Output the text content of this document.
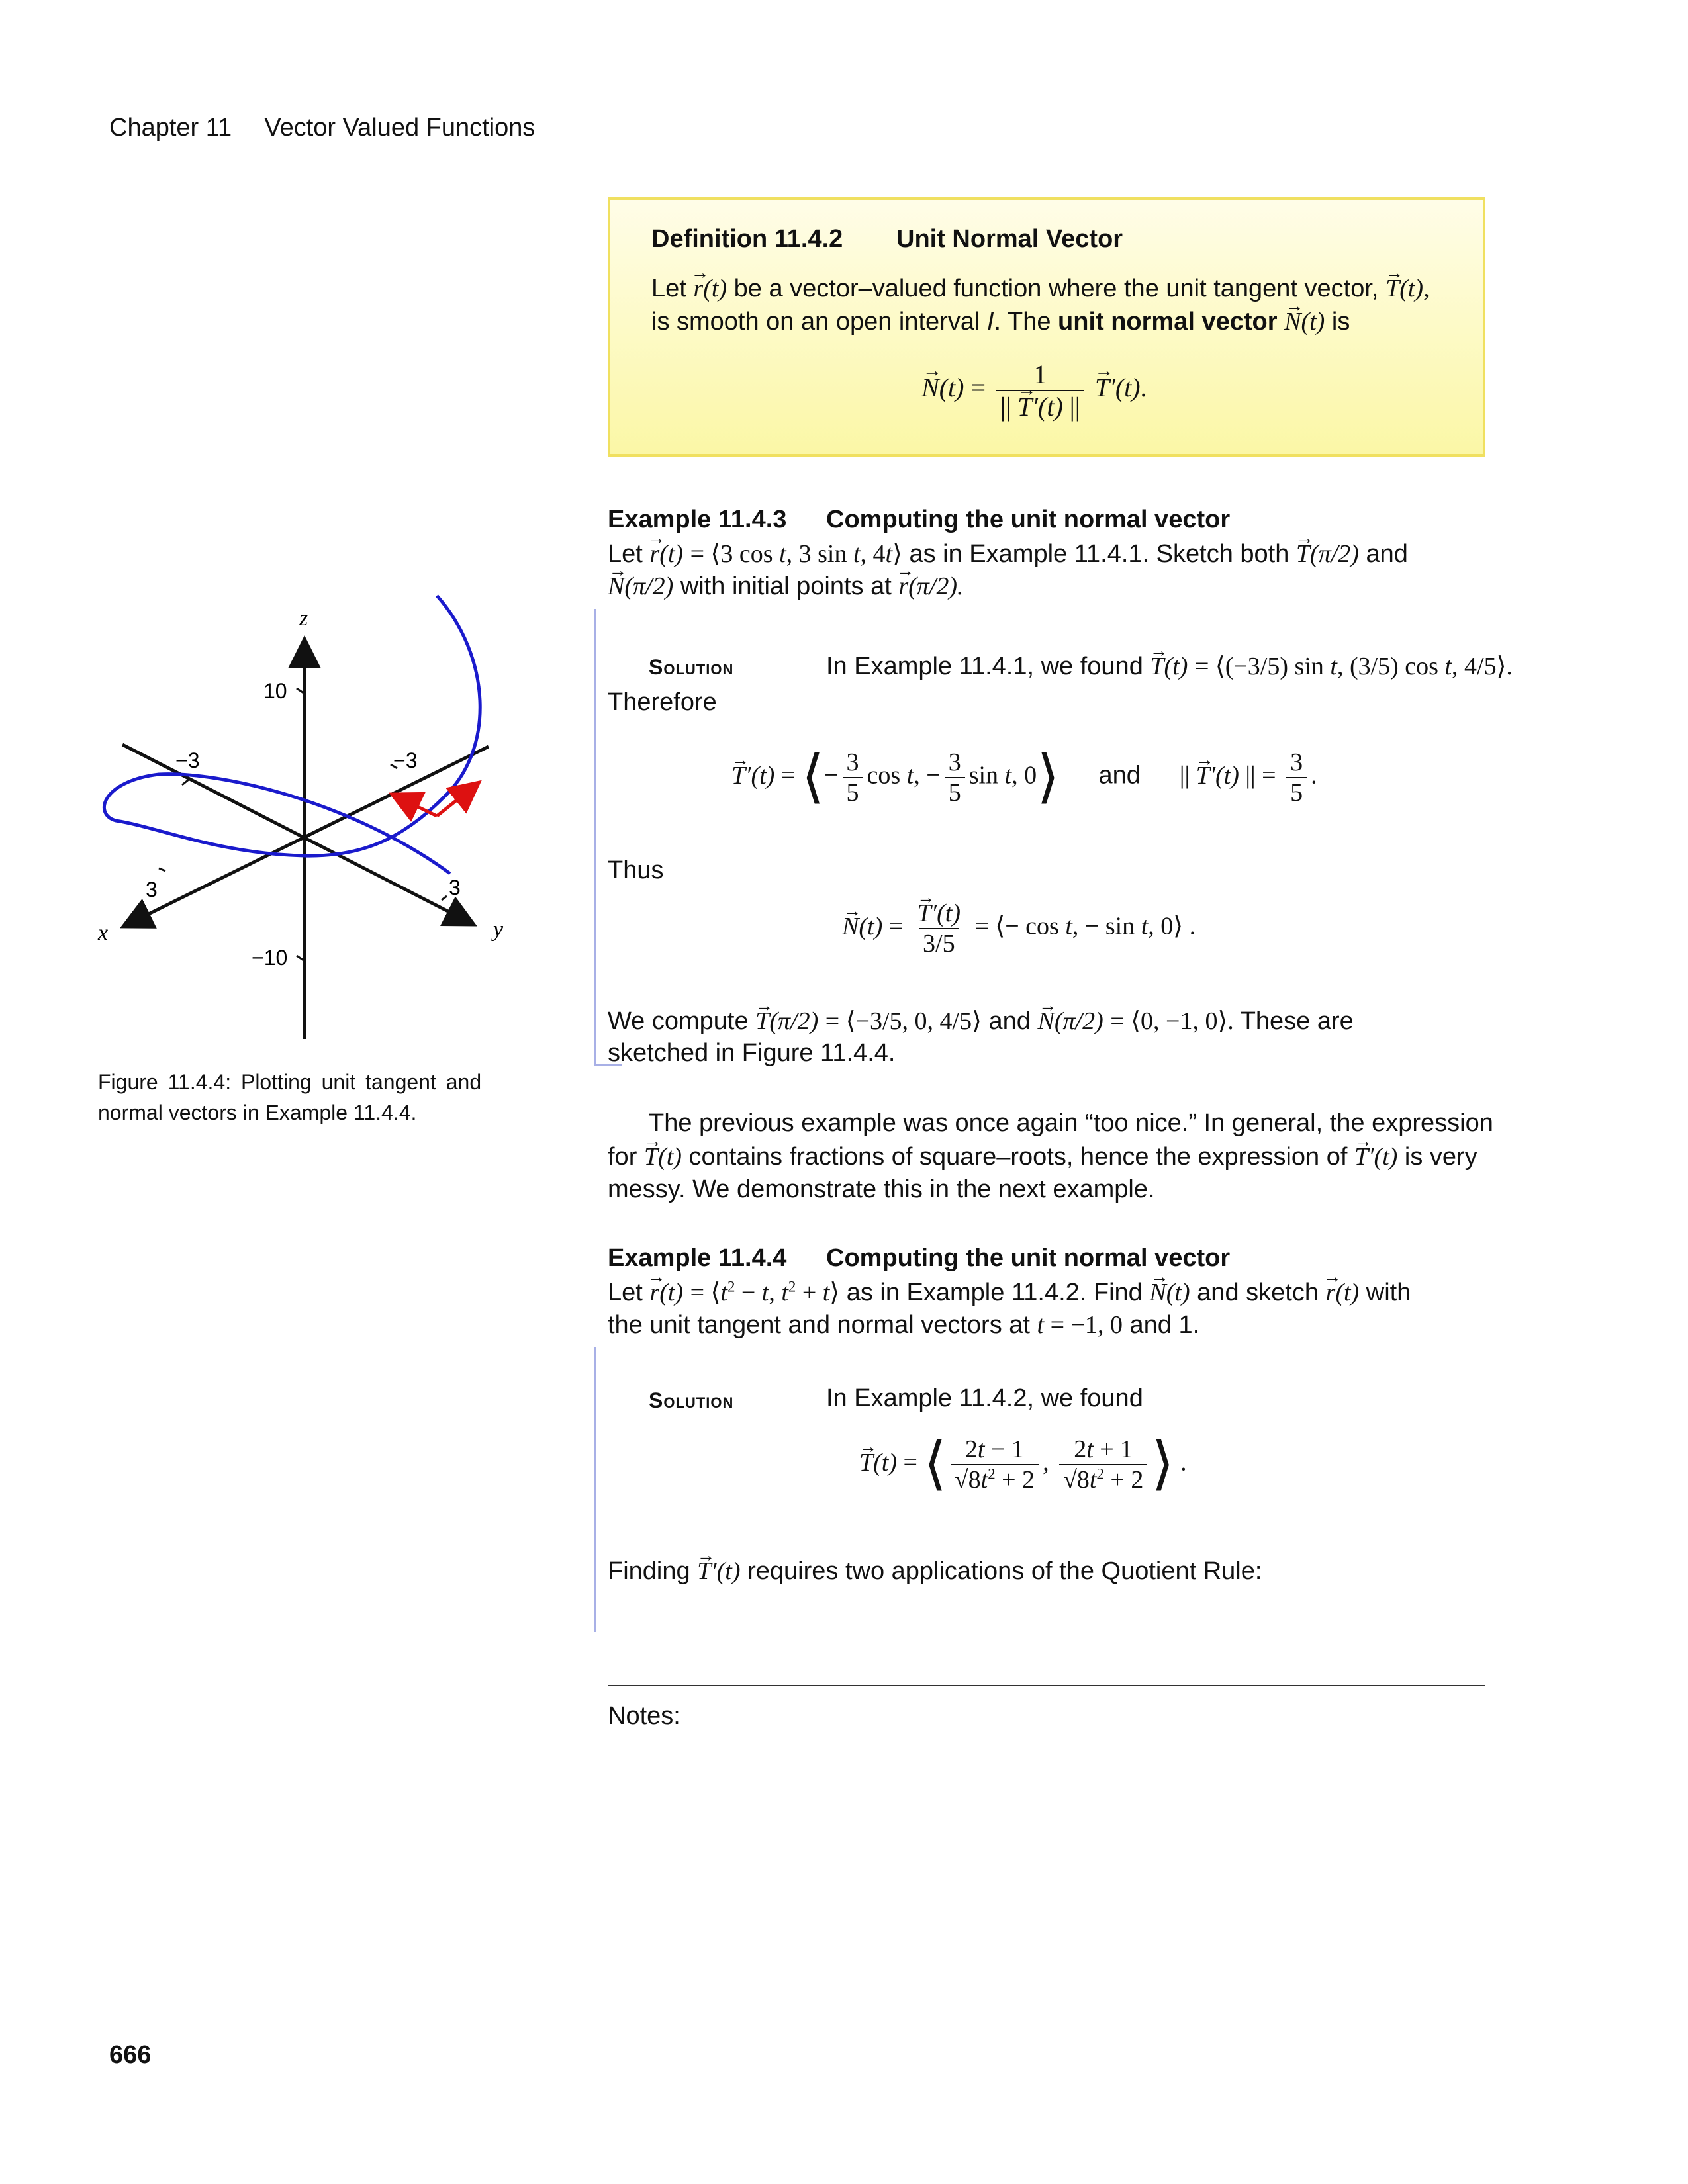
Chapter 11 Vector Valued Functions
Definition 11.4.2 Unit Normal Vector
Let → r(t) be a vector–valued function where the unit tangent vector, → T(t),
is smooth on an open interval I. The unit normal vector → N(t) is
→ $N(t) = \frac{1}{|| \to T'(t) ||}$
→ T′(t).
Example 11.4.3 Computing the unit normal vector
Let → r(t) = ⟨3 cos t, 3 sin t, 4t⟩ as in Example 11.4.1. Sketch both → T(π/2) and
→ N(π/2) with initial points at → r(π/2).
Solution	In Example 11.4.1, we found → T(t) = ⟨(−3/5) sin t, (3/5) cos t, 4/5⟩.
Therefore
→ T′(t) = ⟨− $\frac{3}{5}$ cos t, − $\frac{3}{5}$ sin t, 0⟩ and  || → T′(t) || = $\frac{3}{5}$ .
Thus
→ N(t) =
→ $\frac{T'(t)}{3/5}$ = ⟨− cos t, − sin t, 0⟩ .
We compute → T(π/2) = ⟨−3/5, 0, 4/5⟩ and → N(π/2) = ⟨0, −1, 0⟩. These are
sketched in Figure 11.4.4.
The previous example was once again “too nice.” In general, the expression
for → T(t) contains fractions of square–roots, hence the expression of → T′(t) is very
messy. We demonstrate this in the next example.
Example 11.4.4 Computing the unit normal vector
Let → $r(t) = ⟨t^2 - t$, $t^2$ + t⟩ as in Example 11.4.2. Find → N(t) and sketch → r(t) with
the unit tangent and normal vectors at t = −1, 0 and 1.
Solution	In Example 11.4.2, we found
→ T(t) = ⟨ $\frac{2t - 1}{√8t^2 + 2}$ , $\frac{2t + 1}{√8t^2 + 2}$ ⟩ .
Finding → T′(t) requires two applications of the Quotient Rule:
Notes:
z
x	y
10
−10
−3	−3
3	3
Figure 11.4.4: Plotting unit tangent and
normal vectors in Example 11.4.4.
666
